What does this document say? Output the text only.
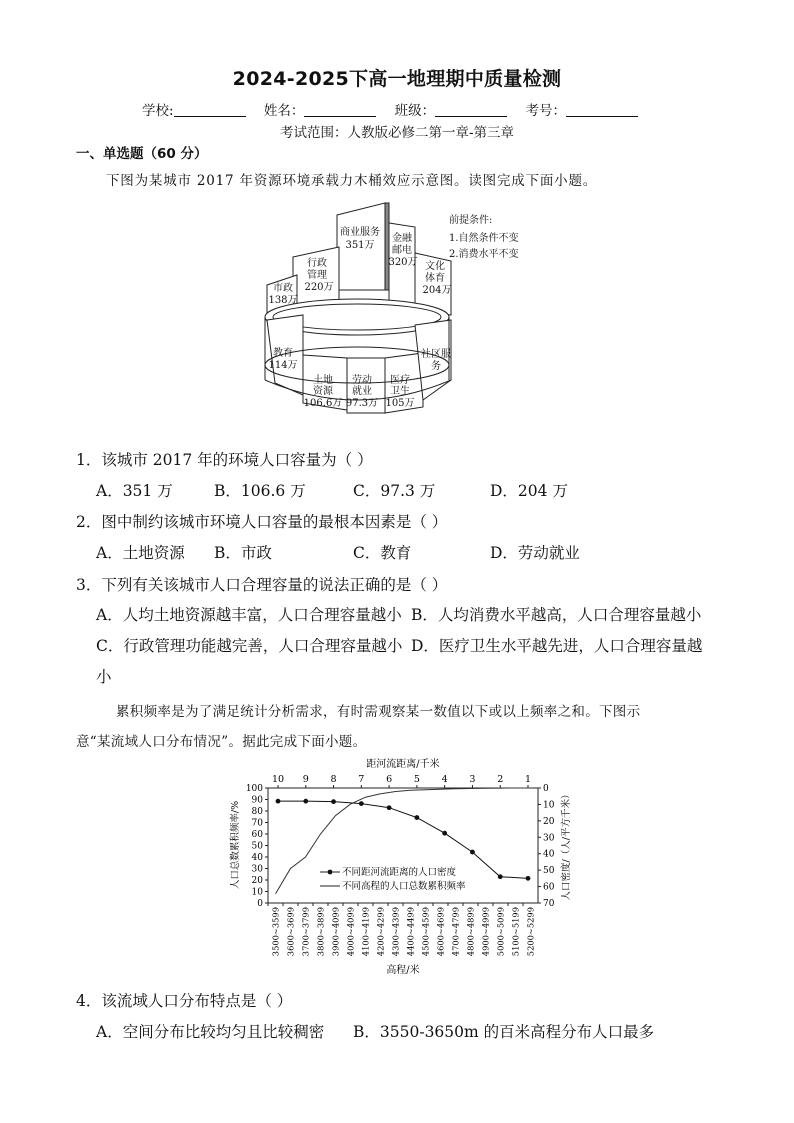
2024-2025下高一地理期中质量检测
学校:	姓名：	班级：	考号：
考试范围：人教版必修二第一章-第三章
一、单选题（60 分）
下图为某城市 2017 年资源环境承载力木桶效应示意图。读图完成下面小题。
商业服务
351万
金融
邮电
320万
行政
管理
220万
文化
体育
204万
市政
138万
教育
114万
社区服
务
土地
资源
106.6万
劳动
就业
97.3万
医疗
卫生
105万
前提条件:
1.自然条件不变
2.消费水平不变
1．该城市 2017 年的环境人口容量为（ ）
A．351 万	B．106.6 万	C．97.3 万	D．204 万
2．图中制约该城市环境人口容量的最根本因素是（ ）
A．土地资源 B．市政	C．教育	D．劳动就业
3．下列有关该城市人口合理容量的说法正确的是（ ）
A．人均土地资源越丰富，人口合理容量越小 B．人均消费水平越高，人口合理容量越小
C．行政管理功能越完善，人口合理容量越小 D．医疗卫生水平越先进，人口合理容量越
小
累积频率是为了满足统计分析需求，有时需观察某一数值以下或以上频率之和。下图示
意“某流域人口分布情况”。据此完成下面小题。
距河流距离/千米
人口总数累积频率/%	人口密度/（人/平方千米）
高程/米
0
10
20
30
40
50
60
70
80
90
100	0
10
20
30
40
50
60
70
10 9 8 7 6 5 4 3 2 1
3500~3599 3600~3699 3700~3799 3800~3899 3900~4099 4000~4099 4100~4199 4200~4299 4300~4399 4400~4499 4500~4599 4600~4699 4700~4799 4800~4899 4900~4999 5000~5099 5100~5199 5200~5299
不同距河流距离的人口密度
不同高程的人口总数累积频率
4．该流域人口分布特点是（ ）
A．空间分布比较均匀且比较稠密 B．3550-3650m 的百米高程分布人口最多
